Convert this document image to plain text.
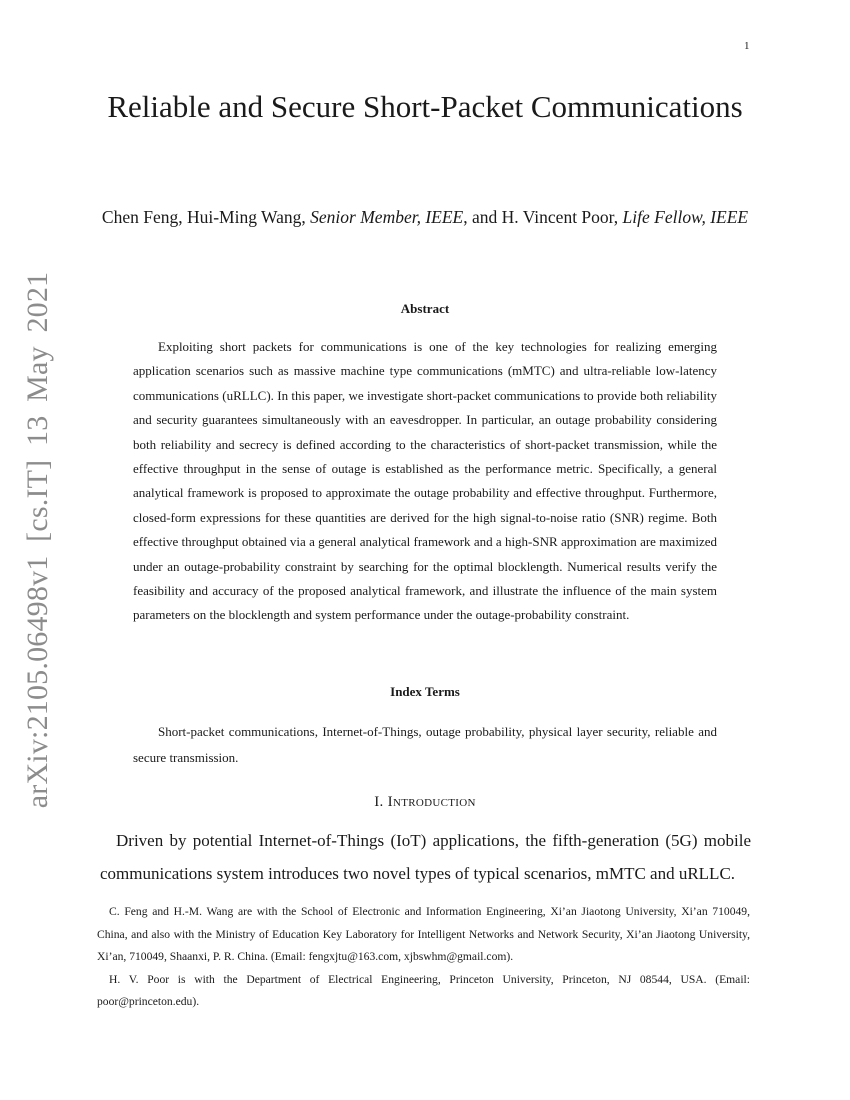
1
arXiv:2105.06498v1 [cs.IT] 13 May 2021
Reliable and Secure Short-Packet Communications
Chen Feng, Hui-Ming Wang, Senior Member, IEEE, and H. Vincent Poor, Life Fellow, IEEE
Abstract

Exploiting short packets for communications is one of the key technologies for realizing emerging application scenarios such as massive machine type communications (mMTC) and ultra-reliable low-latency communications (uRLLC). In this paper, we investigate short-packet communications to provide both reliability and security guarantees simultaneously with an eavesdropper. In particular, an outage probability considering both reliability and secrecy is defined according to the characteristics of short-packet transmission, while the effective throughput in the sense of outage is established as the performance metric. Specifically, a general analytical framework is proposed to approximate the outage probability and effective throughput. Furthermore, closed-form expressions for these quantities are derived for the high signal-to-noise ratio (SNR) regime. Both effective throughput obtained via a general analytical framework and a high-SNR approximation are maximized under an outage-probability constraint by searching for the optimal blocklength. Numerical results verify the feasibility and accuracy of the proposed analytical framework, and illustrate the influence of the main system parameters on the blocklength and system performance under the outage-probability constraint.

Index Terms

Short-packet communications, Internet-of-Things, outage probability, physical layer security, reliable and secure transmission.

I. Introduction

Driven by potential Internet-of-Things (IoT) applications, the fifth-generation (5G) mobile communications system introduces two novel types of typical scenarios, mMTC and uRLLC.

C. Feng and H.-M. Wang are with the School of Electronic and Information Engineering, Xi’an Jiaotong University, Xi’an 710049, China, and also with the Ministry of Education Key Laboratory for Intelligent Networks and Network Security, Xi’an Jiaotong University, Xi’an, 710049, Shaanxi, P. R. China. (Email: fengxjtu@163.com, xjbswhm@gmail.com).

H. V. Poor is with the Department of Electrical Engineering, Princeton University, Princeton, NJ 08544, USA. (Email: poor@princeton.edu).
